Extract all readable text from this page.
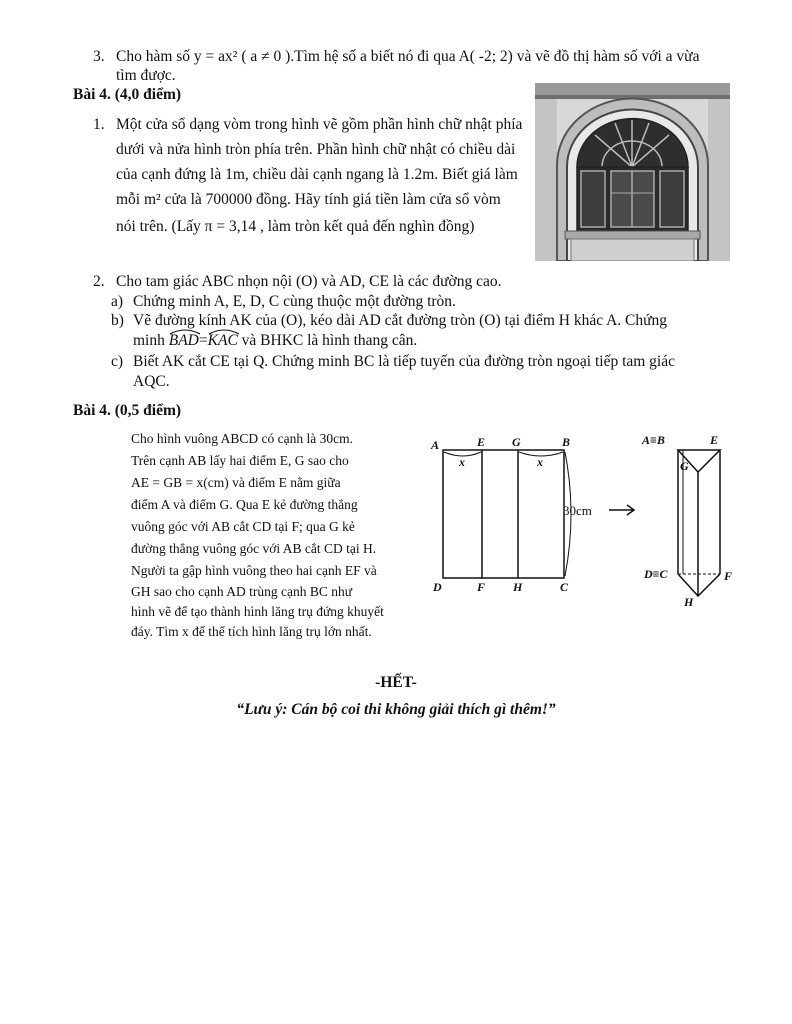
3. Cho hàm số y = ax² ( a ≠ 0 ).Tìm hệ số a biết nó đi qua A( -2; 2) và vẽ đồ thị hàm số với a vừa
tìm được.
Bài 4. (4,0 điểm)
1. Một cửa sổ dạng vòm trong hình vẽ gồm phần hình chữ nhật phía
dưới và nửa hình tròn phía trên. Phần hình chữ nhật có chiều dài
của cạnh đứng là 1m, chiều dài cạnh ngang là 1.2m. Biết giá làm
mỗi m² cửa là 700000 đồng. Hãy tính giá tiền làm cửa sổ vòm
nói trên. (Lấy π = 3,14 , làm tròn kết quả đến nghìn đồng)
2. Cho tam giác ABC nhọn nội (O) và AD, CE là các đường cao.
a) Chứng minh A, E, D, C cùng thuộc một đường tròn.
b) Vẽ đường kính AK của (O), kéo dài AD cắt đường tròn (O) tại điểm H khác A. Chứng
minh BAD=
KAC và BHKC là hình thang cân.
c) Biết AK cắt CE tại Q. Chứng minh BC là tiếp tuyến của đường tròn ngoại tiếp tam giác
AQC.
Bài 4. (0,5 điểm)
Cho hình vuông ABCD có cạnh là 30cm.
Trên cạnh AB lấy hai điểm E, G sao cho
AE = GB = x(cm) và điểm E nằm giữa
điểm A và điểm G. Qua E kẻ đường thẳng
vuông góc với AB cắt CD tại F; qua G kẻ
đường thẳng vuông góc với AB cắt CD tại H.
Người ta gập hình vuông theo hai cạnh EF và
GH sao cho cạnh AD trùng cạnh BC như
hình vẽ để tạo thành hình lăng trụ đứng khuyết
đáy. Tìm x để thể tích hình lăng trụ lớn nhất.
A	E G	B
x	x
30cm
D	F H	C
A≡B	E
G
D≡C	F
H
-HẾT-
“Lưu ý: Cán bộ coi thi không giải thích gì thêm!”
